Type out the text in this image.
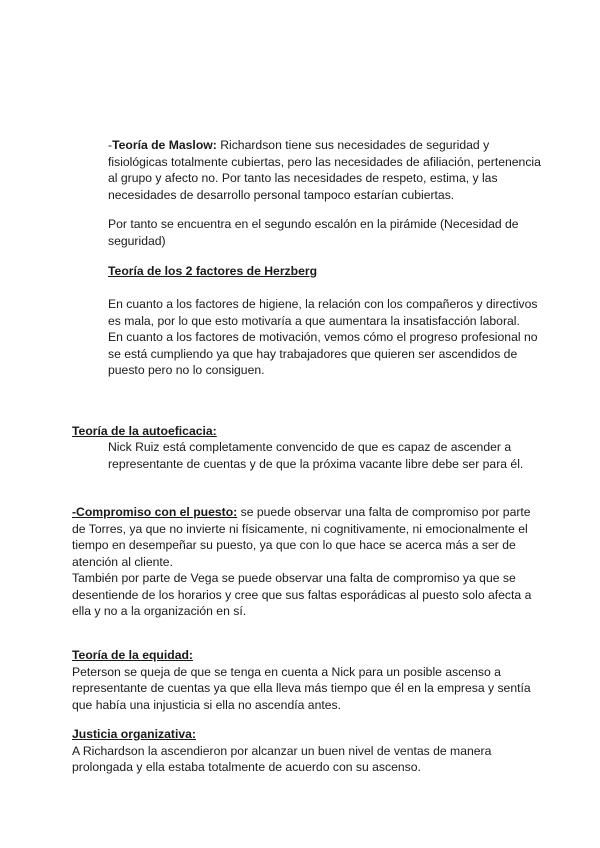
-Teoría de Maslow: Richardson tiene sus necesidades de seguridad y fisiológicas totalmente cubiertas, pero las necesidades de afiliación, pertenencia al grupo y afecto no. Por tanto las necesidades de respeto, estima, y las necesidades de desarrollo personal tampoco estarían cubiertas.

Por tanto se encuentra en el segundo escalón en la pirámide (Necesidad de seguridad)

Teoría de los 2 factores de Herzberg

En cuanto a los factores de higiene, la relación con los compañeros y directivos es mala, por lo que esto motivaría a que aumentara la insatisfacción laboral.

En cuanto a los factores de motivación, vemos cómo el progreso profesional no se está cumpliendo ya que hay trabajadores que quieren ser ascendidos de puesto pero no lo consiguen.

Teoría de la autoeficacia:

Nick Ruiz está completamente convencido de que es capaz de ascender a representante de cuentas y de que la próxima vacante libre debe ser para él.

-Compromiso con el puesto: se puede observar una falta de compromiso por parte de Torres, ya que no invierte ni físicamente, ni cognitivamente, ni emocionalmente el tiempo en desempeñar su puesto, ya que con lo que hace se acerca más a ser de atención al cliente.

También por parte de Vega se puede observar una falta de compromiso ya que se desentiende de los horarios y cree que sus faltas esporádicas al puesto solo afecta a ella y no a la organización en sí.

Teoría de la equidad:

Peterson se queja de que se tenga en cuenta a Nick para un posible ascenso a representante de cuentas ya que ella lleva más tiempo que él en la empresa y sentía que había una injusticia si ella no ascendía antes.

Justicia organizativa:

A Richardson la ascendieron por alcanzar un buen nivel de ventas de manera prolongada y ella estaba totalmente de acuerdo con su ascenso.
